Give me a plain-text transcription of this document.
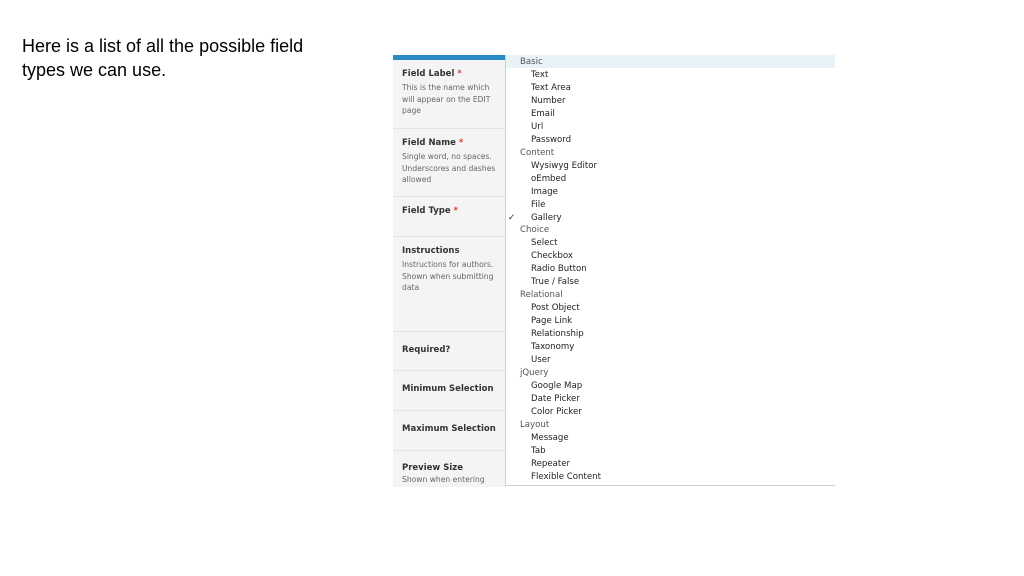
Here is a list of all the possible field types we can use.	Field Label *
This is the name which will appear on the EDIT page
Field Name *
Single word, no spaces. Underscores and dashes allowed
Field Type *
Instructions
Instructions for authors. Shown when submitting data
Required?
Minimum Selection
Maximum Selection
Preview Size
Shown when entering
Basic
Text
Text Area
Number
Email
Url
Password
Content
Wysiwyg Editor
oEmbed
Image
File
✓ Gallery
Choice
Select
Checkbox
Radio Button
True / False
Relational
Post Object
Page Link
Relationship
Taxonomy
User
jQuery
Google Map
Date Picker
Color Picker
Layout
Message
Tab
Repeater
Flexible Content
